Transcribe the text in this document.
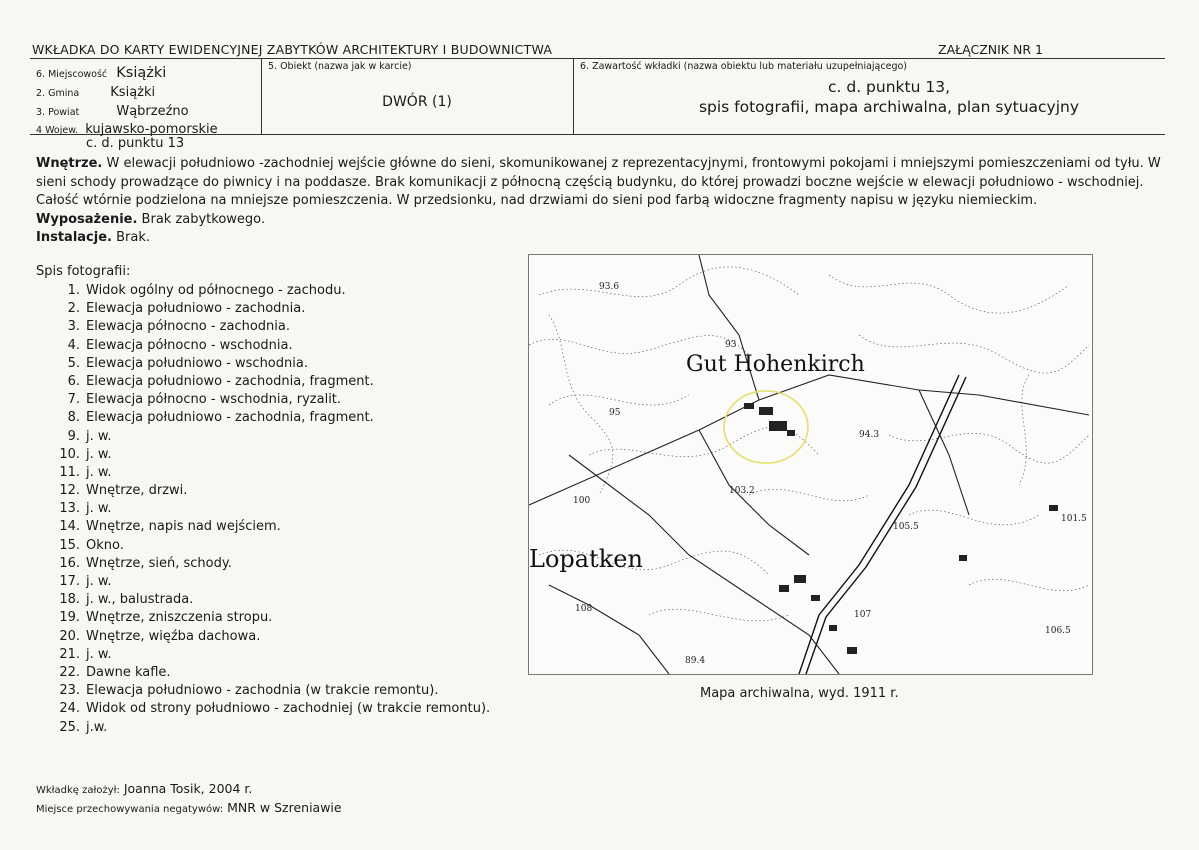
WKŁADKA DO KARTY EWIDENCYJNEJ ZABYTKÓW ARCHITEKTURY I BUDOWNICTWA	ZAŁĄCZNIK NR 1
6. Miejscowość Książki
2. Gmina Książki
3. Powiat	Wąbrzeźno
4 Wojew. kujawsko-pomorskie
5. Obiekt (nazwa jak w karcie)
DWÓR (1)
6. Zawartość wkładki (nazwa obiektu lub materiału uzupełniającego)
c. d. punktu 13,
spis fotografii, mapa archiwalna, plan sytuacyjny
c. d. punktu 13
Wnętrze. W elewacji południowo -zachodniej wejście główne do sieni, skomunikowanej z reprezentacyjnymi, frontowymi pokojami i mniejszymi pomieszczeniami od tyłu. W sieni schody prowadzące do piwnicy i na poddasze. Brak komunikacji z północną częścią budynku, do której prowadzi boczne wejście w elewacji południowo - wschodniej. Całość wtórnie podzielona na mniejsze pomieszczenia. W przedsionku, nad drzwiami do sieni pod farbą widoczne fragmenty napisu w języku niemieckim.
Wyposażenie. Brak zabytkowego.
Instalacje. Brak.
Spis fotografii:
1. Widok ogólny od północnego - zachodu.
2. Elewacja południowo - zachodnia.
3. Elewacja północno - zachodnia.
4. Elewacja północno - wschodnia.
5. Elewacja południowo - wschodnia.
6. Elewacja południowo - zachodnia, fragment.
7. Elewacja północno - wschodnia, ryzalit.
8. Elewacja południowo - zachodnia, fragment.
9. j. w.
10. j. w.
11. j. w.
12. Wnętrze, drzwi.
13. j. w.
14. Wnętrze, napis nad wejściem.
15. Okno.
16. Wnętrze, sień, schody.
17. j. w.
18. j. w., balustrada.
19. Wnętrze, zniszczenia stropu.
20. Wnętrze, więźba dachowa.
21. j. w.
22. Dawne kafle.
23. Elewacja południowo - zachodnia (w trakcie remontu).
24. Widok od strony południowo - zachodniej (w trakcie remontu).
25. j.w.
Gut Hohenkirch
Lopatken
93.6
93
95
94.3
103.2
100
105.5
101.5
108
107
106.5
89.4
Mapa archiwalna, wyd. 1911 r.
Wkładkę założył: Joanna Tosik, 2004 r.
Miejsce przechowywania negatywów: MNR w Szreniawie
